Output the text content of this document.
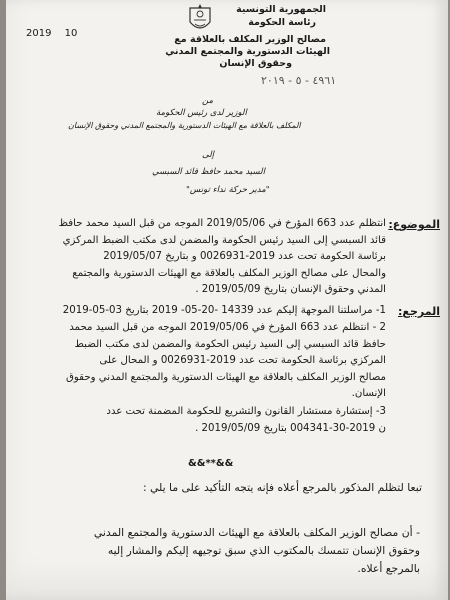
الجمهورية التونسية
رئاسة الحكومة
مصالح الوزير المكلف بالعلاقة مع
الهيئات الدستورية والمجتمع المدني
وحقوق الإنسان
2019 10
٤٩٦١ - ٥ - ٢٠١٩
من
الوزير لدى رئيس الحكومة
المكلف بالعلاقة مع الهيئات الدستورية والمجتمع المدني وحقوق الإنسان
إلى
السيد محمد حافظ قائد السبسي
"مدير حركة نداء تونس"
الموضوع:
انتظلم عدد 663 المؤرخ في 2019/05/06 الموجه من قبل السيد محمد حافظ
قائد السبسي إلى السيد رئيس الحكومة والمضمن لدى مكتب الضبط المركزي
برئاسة الحكومة تحت عدد 2019-0026931 و بتاريخ 2019/05/07
والمحال على مصالح الوزير المكلف بالعلاقة مع الهيئات الدستورية والمجتمع
المدني وحقوق الإنسان بتاريخ 2019/05/09 .
المرجع:
1- مراسلتنا الموجهة إليكم عدد 14339 -20-05- 2019 بتاريخ 03-05-2019
2 - انتظلم عدد 663 المؤرخ في 2019/05/06 الموجه من قبل السيد محمد
حافظ قائد السبسي إلى السيد رئيس الحكومة والمضمن لدى مكتب الضبط
المركزي برئاسة الحكومة تحت عدد 2019-0026931 و المحال على
مصالح الوزير المكلف بالعلاقة مع الهيئات الدستورية والمجتمع المدني وحقوق
الإنسان.
3- إستشارة مستشار القانون والتشريع للحكومة المضمنة تحت عدد
ن 2019-30-004341 بتاريخ 2019/05/09 .
&&**&&
تبعا لتظلم المذكور بالمرجع أعلاه فإنه يتجه التأكيد على ما يلي :
- أن مصالح الوزير المكلف بالعلاقة مع الهيئات الدستورية والمجتمع المدني
وحقوق الإنسان تتمسك بالمكتوب الذي سبق توجيهه إليكم والمشار إليه
بالمرجع أعلاه.
